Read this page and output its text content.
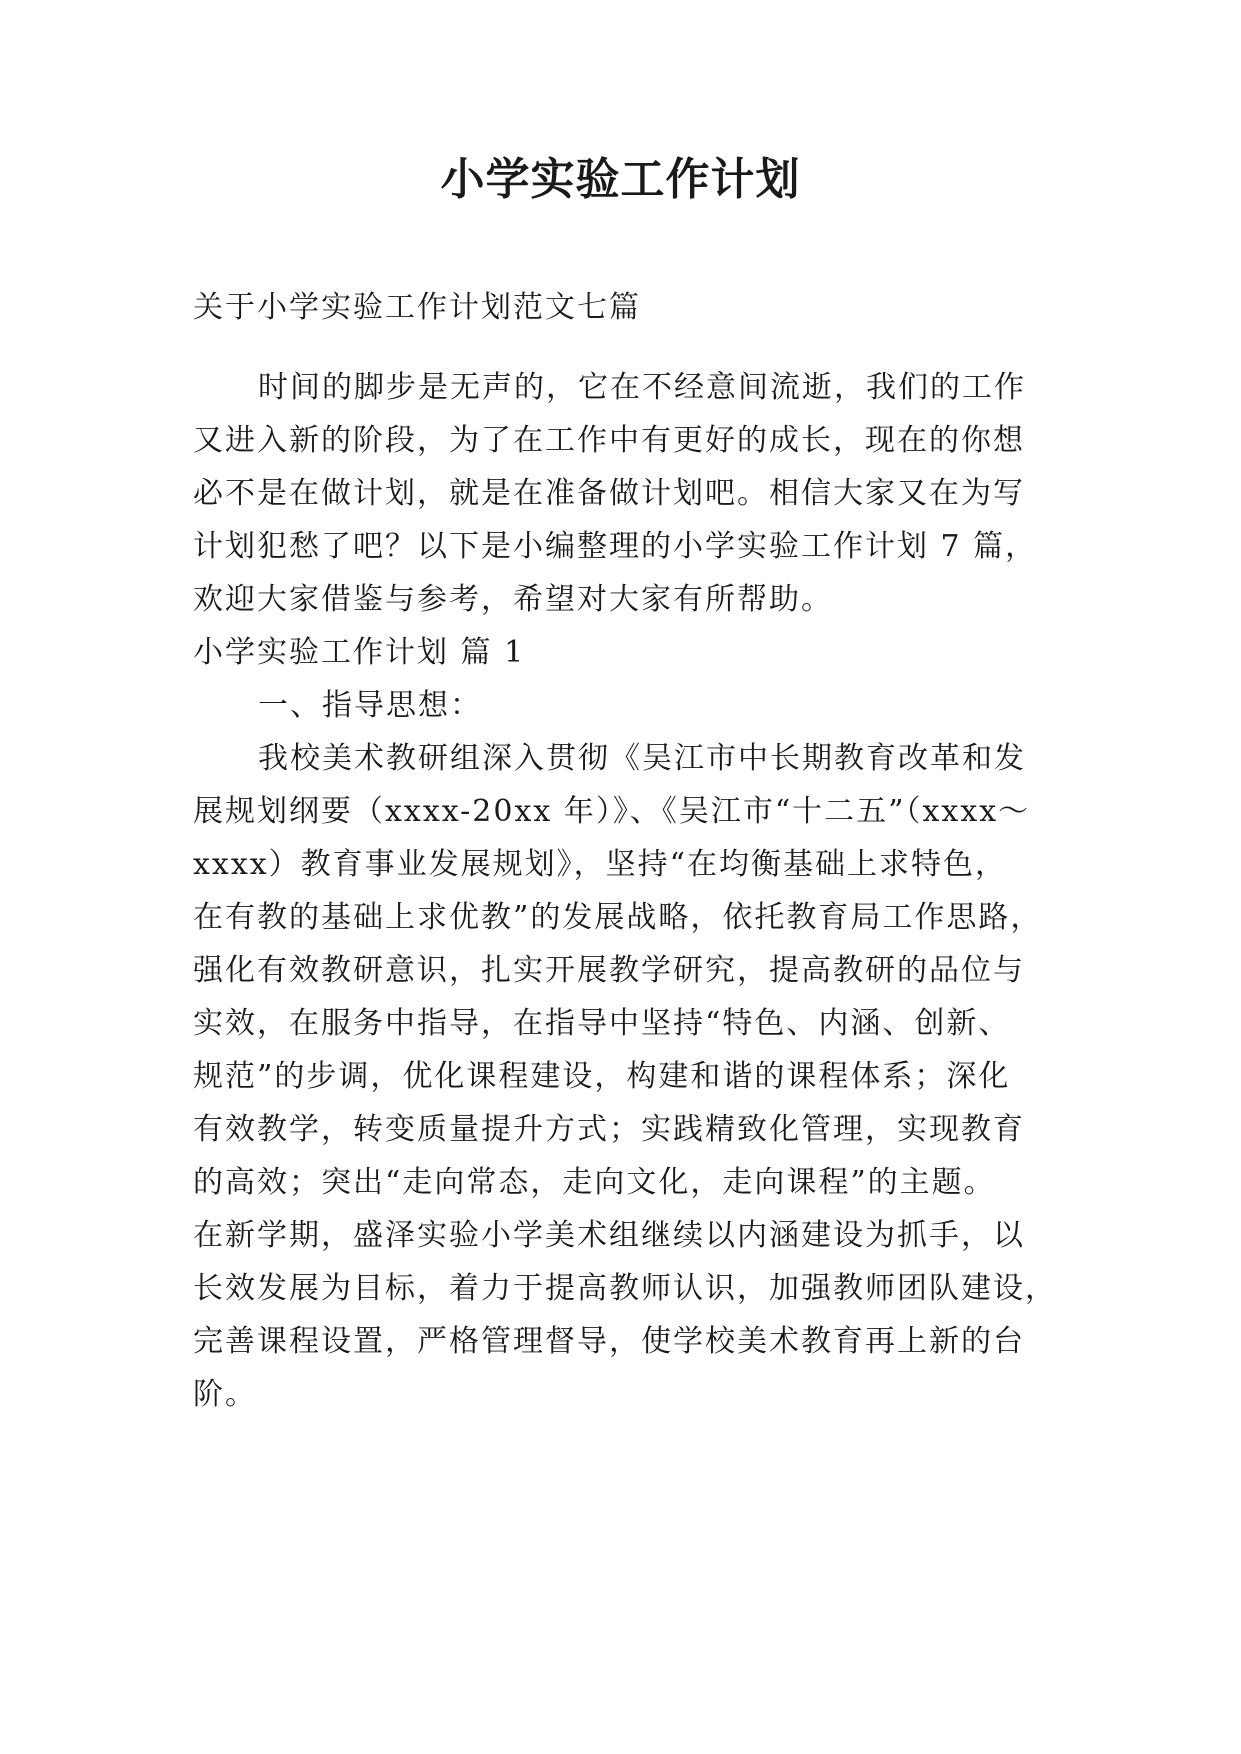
小学实验工作计划

关于小学实验工作计划范文七篇

时间的脚步是无声的，它在不经意间流逝，我们的工作

又进入新的阶段，为了在工作中有更好的成长，现在的你想

必不是在做计划，就是在准备做计划吧。相信大家又在为写

计划犯愁了吧？以下是小编整理的小学实验工作计划 7 篇，

欢迎大家借鉴与参考，希望对大家有所帮助。

小学实验工作计划 篇 1

一、指导思想：

我校美术教研组深入贯彻《吴江市中长期教育改革和发

展规划纲要（xxxx-20xx 年）》、《吴江市“十二五”（xxxx～

xxxx）教育事业发展规划》，坚持“在均衡基础上求特色，

在有教的基础上求优教”的发展战略，依托教育局工作思路，

强化有效教研意识，扎实开展教学研究，提高教研的品位与

实效，在服务中指导，在指导中坚持“特色、内涵、创新、

规范”的步调，优化课程建设，构建和谐的课程体系；深化

有效教学，转变质量提升方式；实践精致化管理，实现教育

的高效；突出“走向常态，走向文化，走向课程”的主题。

在新学期，盛泽实验小学美术组继续以内涵建设为抓手，以

长效发展为目标，着力于提高教师认识，加强教师团队建设，

完善课程设置，严格管理督导，使学校美术教育再上新的台

阶。
